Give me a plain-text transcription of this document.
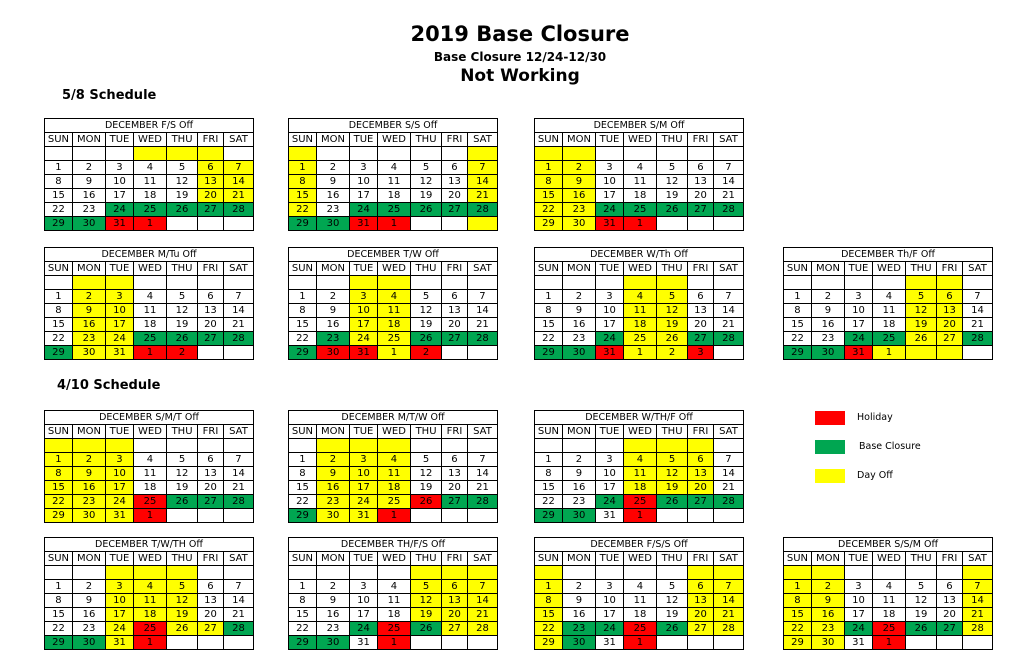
2019 Base Closure
Base Closure 12/24-12/30
Not Working
5/8 Schedule
4/10 Schedule
DECEMBER F/S Off						
SUN	MON	TUE	WED	THU	FRI	SAT

1	2	3	4	5	6	7
8	9	10	11	12	13	14
15	16	17	18	19	20	21
22	23	24	25	26	27	28
29	30	31	1			
DECEMBER S/S Off						
SUN	MON	TUE	WED	THU	FRI	SAT

1	2	3	4	5	6	7
8	9	10	11	12	13	14
15	16	17	18	19	20	21
22	23	24	25	26	27	28
29	30	31	1			
DECEMBER S/M Off						
SUN	MON	TUE	WED	THU	FRI	SAT

1	2	3	4	5	6	7
8	9	10	11	12	13	14
15	16	17	18	19	20	21
22	23	24	25	26	27	28
29	30	31	1			
DECEMBER M/Tu Off						
SUN	MON	TUE	WED	THU	FRI	SAT

1	2	3	4	5	6	7
8	9	10	11	12	13	14
15	16	17	18	19	20	21
22	23	24	25	26	27	28
29	30	31	1	2		
DECEMBER T/W Off						
SUN	MON	TUE	WED	THU	FRI	SAT

1	2	3	4	5	6	7
8	9	10	11	12	13	14
15	16	17	18	19	20	21
22	23	24	25	26	27	28
29	30	31	1	2		
DECEMBER W/Th Off						
SUN	MON	TUE	WED	THU	FRI	SAT

1	2	3	4	5	6	7
8	9	10	11	12	13	14
15	16	17	18	19	20	21
22	23	24	25	26	27	28
29	30	31	1	2	3	
DECEMBER Th/F Off						
SUN	MON	TUE	WED	THU	FRI	SAT

1	2	3	4	5	6	7
8	9	10	11	12	13	14
15	16	17	18	19	20	21
22	23	24	25	26	27	28
29	30	31	1			
DECEMBER S/M/T Off						
SUN	MON	TUE	WED	THU	FRI	SAT

1	2	3	4	5	6	7
8	9	10	11	12	13	14
15	16	17	18	19	20	21
22	23	24	25	26	27	28
29	30	31	1			
DECEMBER M/T/W Off						
SUN	MON	TUE	WED	THU	FRI	SAT

1	2	3	4	5	6	7
8	9	10	11	12	13	14
15	16	17	18	19	20	21
22	23	24	25	26	27	28
29	30	31	1			
DECEMBER W/TH/F Off						
SUN	MON	TUE	WED	THU	FRI	SAT

1	2	3	4	5	6	7
8	9	10	11	12	13	14
15	16	17	18	19	20	21
22	23	24	25	26	27	28
29	30	31	1			
DECEMBER T/W/TH Off						
SUN	MON	TUE	WED	THU	FRI	SAT

1	2	3	4	5	6	7
8	9	10	11	12	13	14
15	16	17	18	19	20	21
22	23	24	25	26	27	28
29	30	31	1			
DECEMBER TH/F/S Off						
SUN	MON	TUE	WED	THU	FRI	SAT

1	2	3	4	5	6	7
8	9	10	11	12	13	14
15	16	17	18	19	20	21
22	23	24	25	26	27	28
29	30	31	1			
DECEMBER F/S/S Off						
SUN	MON	TUE	WED	THU	FRI	SAT

1	2	3	4	5	6	7
8	9	10	11	12	13	14
15	16	17	18	19	20	21
22	23	24	25	26	27	28
29	30	31	1			
DECEMBER S/S/M Off						
SUN	MON	TUE	WED	THU	FRI	SAT

1	2	3	4	5	6	7
8	9	10	11	12	13	14
15	16	17	18	19	20	21
22	23	24	25	26	27	28
29	30	31	1			
Holiday
Base Closure
Day Off
